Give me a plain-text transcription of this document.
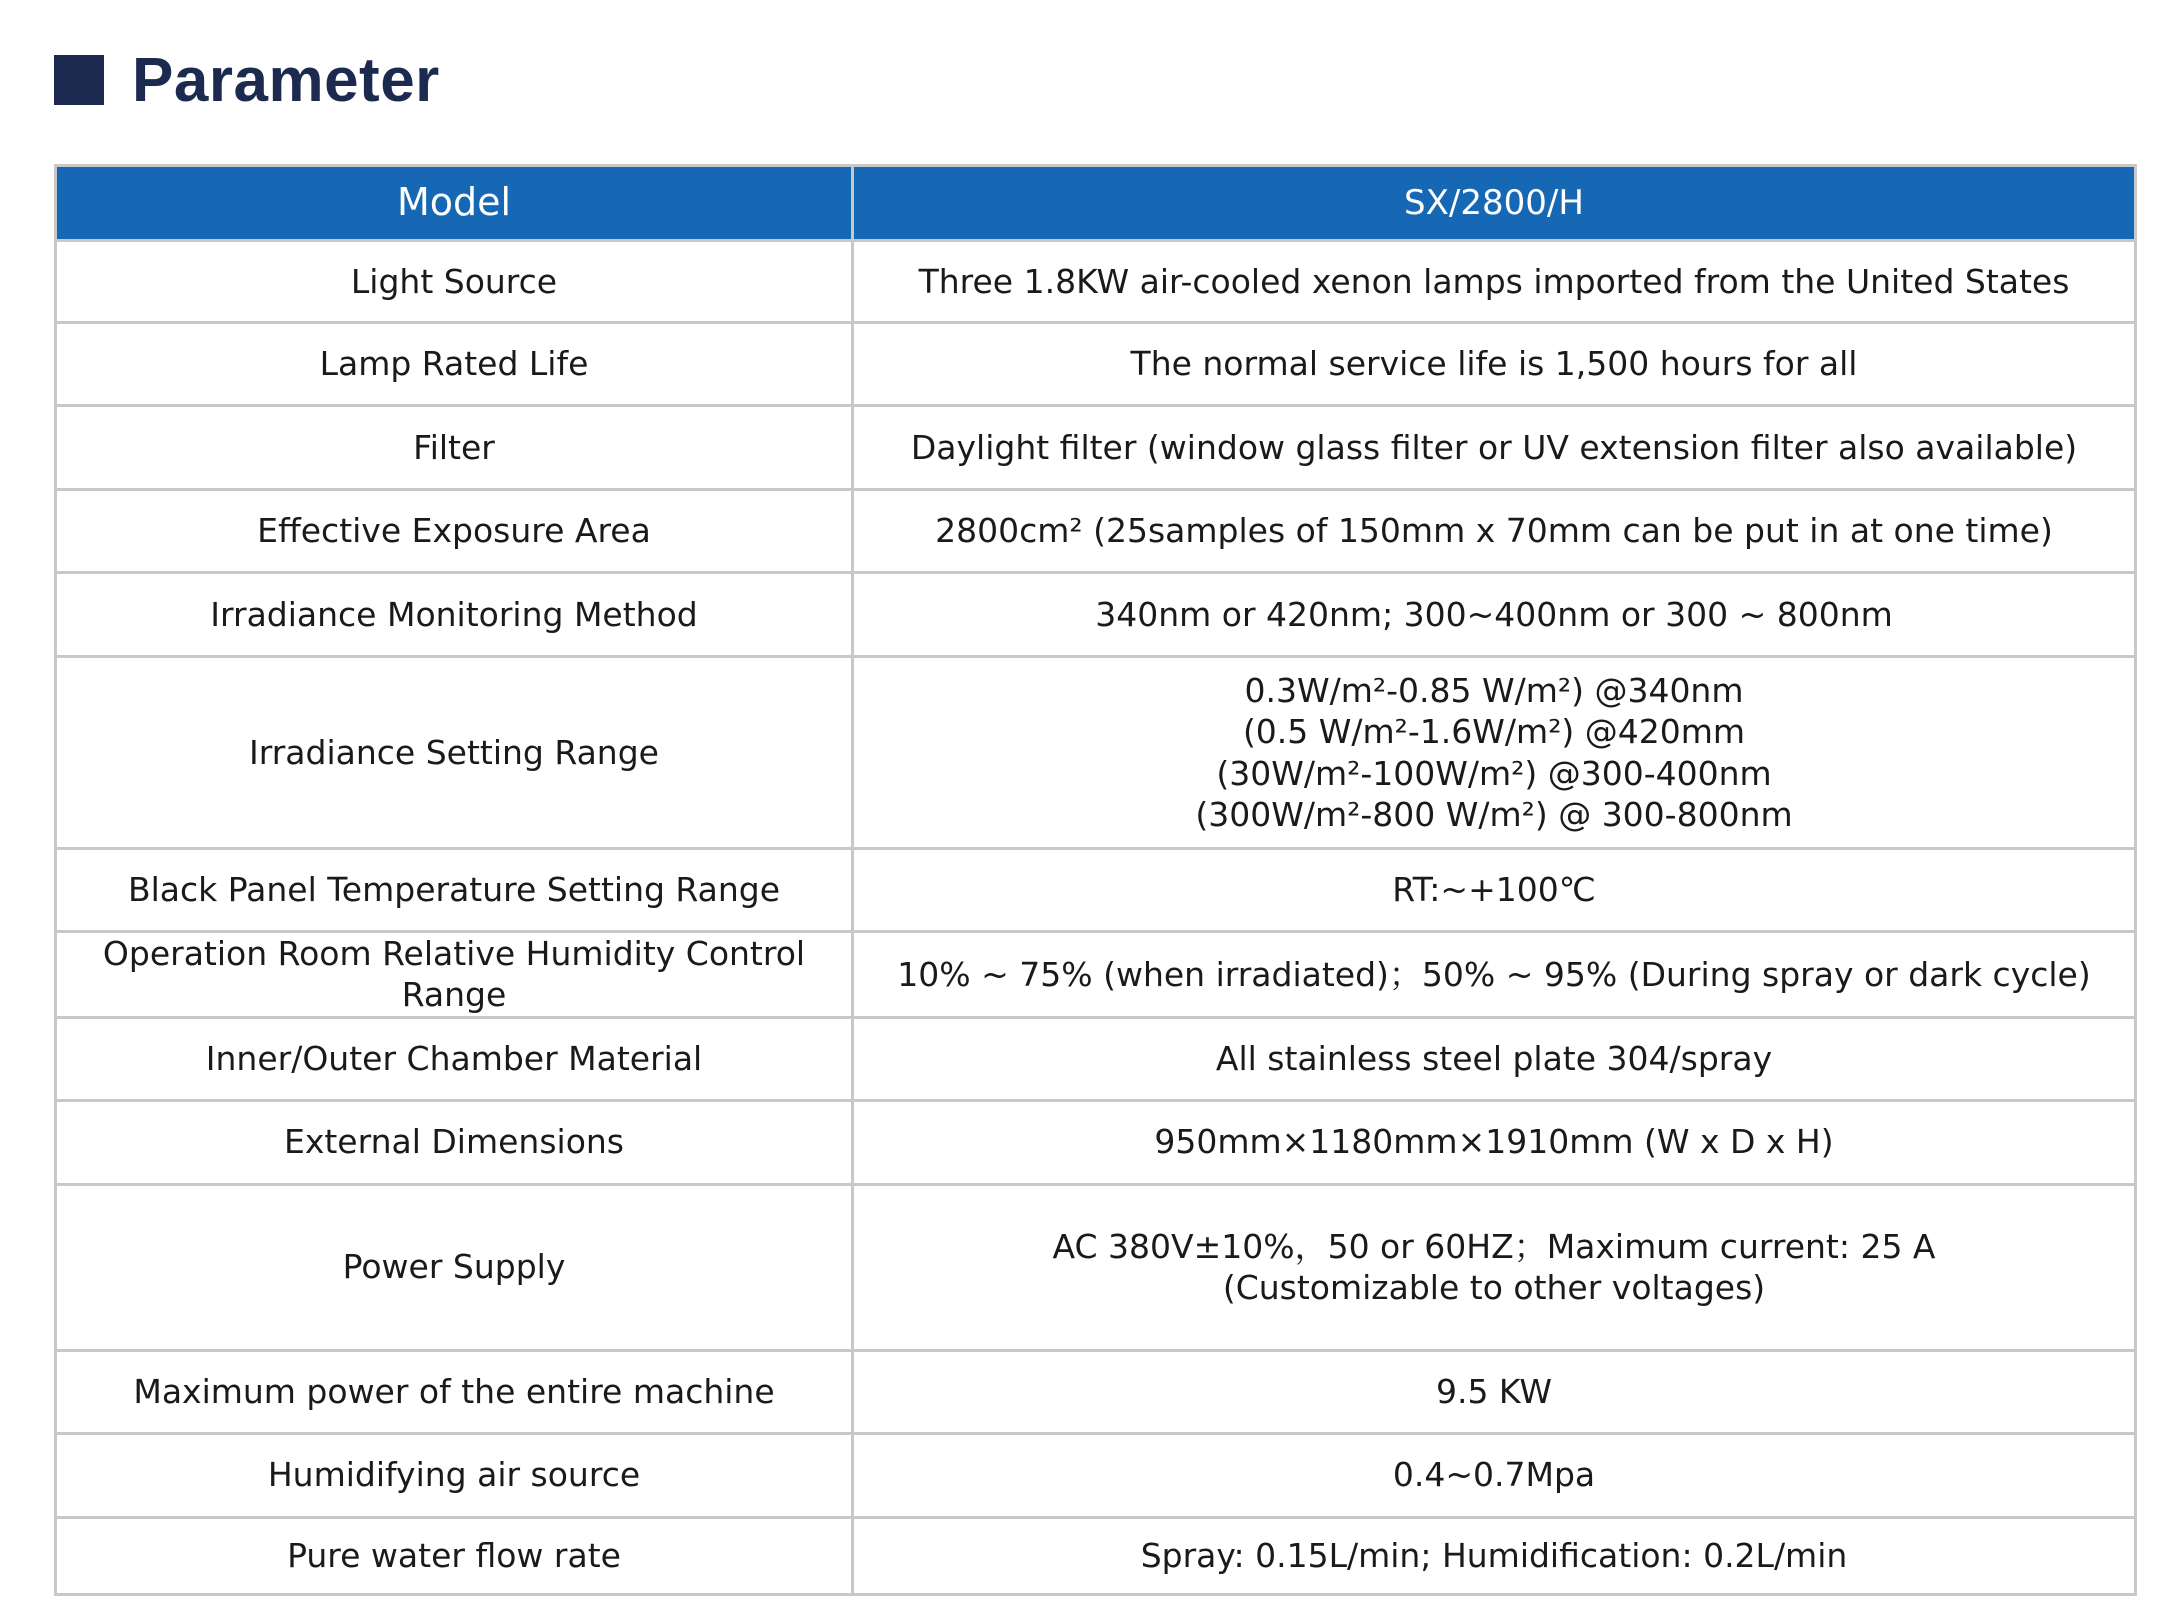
Parameter
Model	SX/2800/H
Light Source	Three 1.8KW air-cooled xenon lamps imported from the United States

Lamp Rated Life	The normal service life is 1,500 hours for all

Filter	Daylight filter (window glass filter or UV extension filter also available)

Effective Exposure Area	2800cm² (25samples of 150mm x 70mm can be put in at one time)

Irradiance Monitoring Method	340nm or 420nm; 300~400nm or 300 ~ 800nm

Irradiance Setting Range	0.3W/m²-0.85 W/m²) @340nm
(0.5 W/m²-1.6W/m²) @420mm
(30W/m²-100W/m²) @300-400nm
(300W/m²-800 W/m²) @ 300-800nm

Black Panel Temperature Setting Range	RT:~+100℃

Operation Room Relative Humidity Control Range	10% ~ 75% (when irradiated)；50% ~ 95% (During spray or dark cycle)

Inner/Outer Chamber Material	All stainless steel plate 304/spray

External Dimensions	950mm×1180mm×1910mm (W x D x H)

Power Supply	AC 380V±10%，50 or 60HZ；Maximum current: 25 A
(Customizable to other voltages)

Maximum power of the entire machine	9.5 KW

Humidifying air source	0.4~0.7Mpa

Pure water flow rate	Spray: 0.15L/min; Humidification: 0.2L/min
